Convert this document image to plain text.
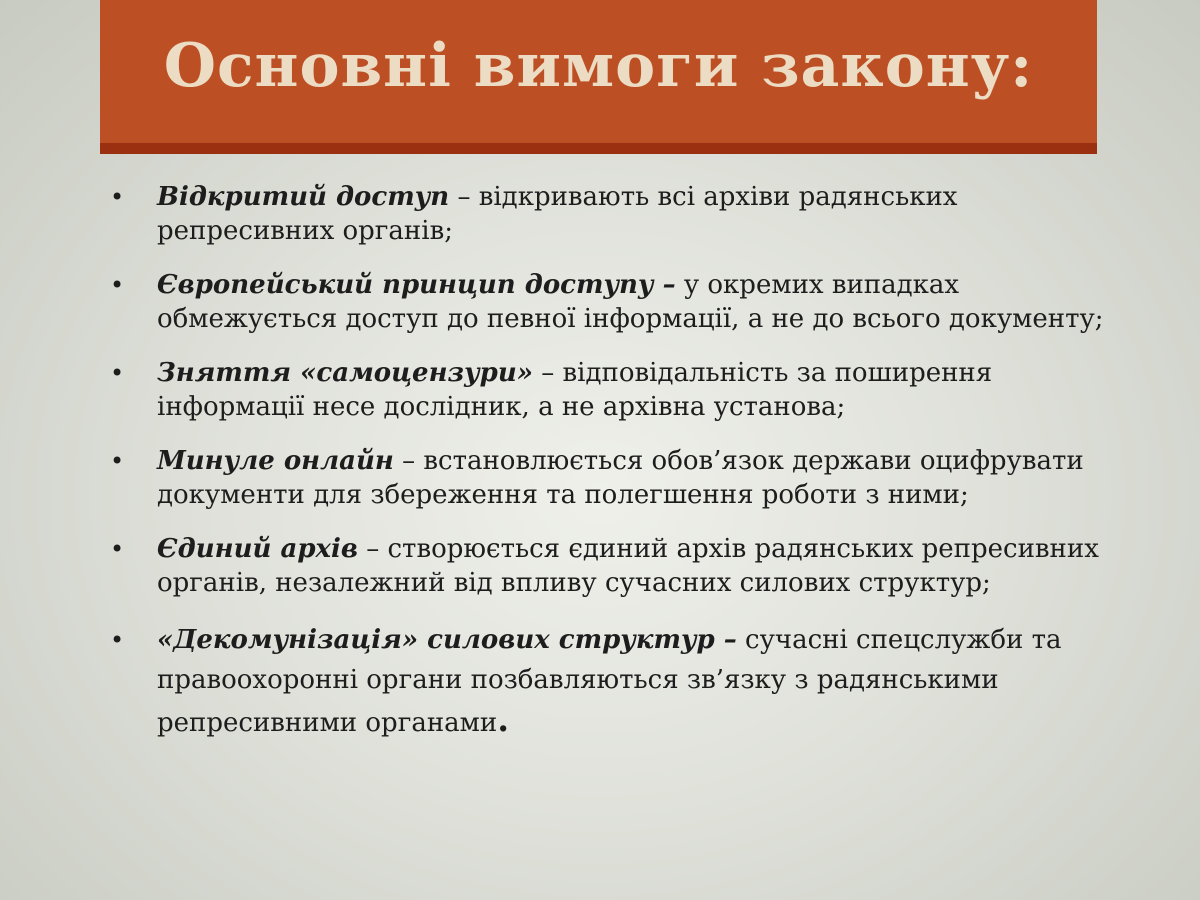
Основні вимоги закону:
• Відкритий доступ – відкривають всі архіви радянських репресивних органів;
• Європейський принцип доступу – у окремих випадках обмежується доступ до певної інформації, а не до всього документу;
• Зняття «самоцензури» – відповідальність за поширення інформації несе дослідник, а не архівна установа;
• Минуле онлайн – встановлюється обов’язок держави оцифрувати документи для збереження та полегшення роботи з ними;
• Єдиний архів – створюється єдиний архів радянських репресивних органів, незалежний від впливу сучасних силових структур;
• «Декомунізація» силових структур – сучасні спецслужби та правоохоронні органи позбавляються зв’язку з радянськими репресивними органами.
